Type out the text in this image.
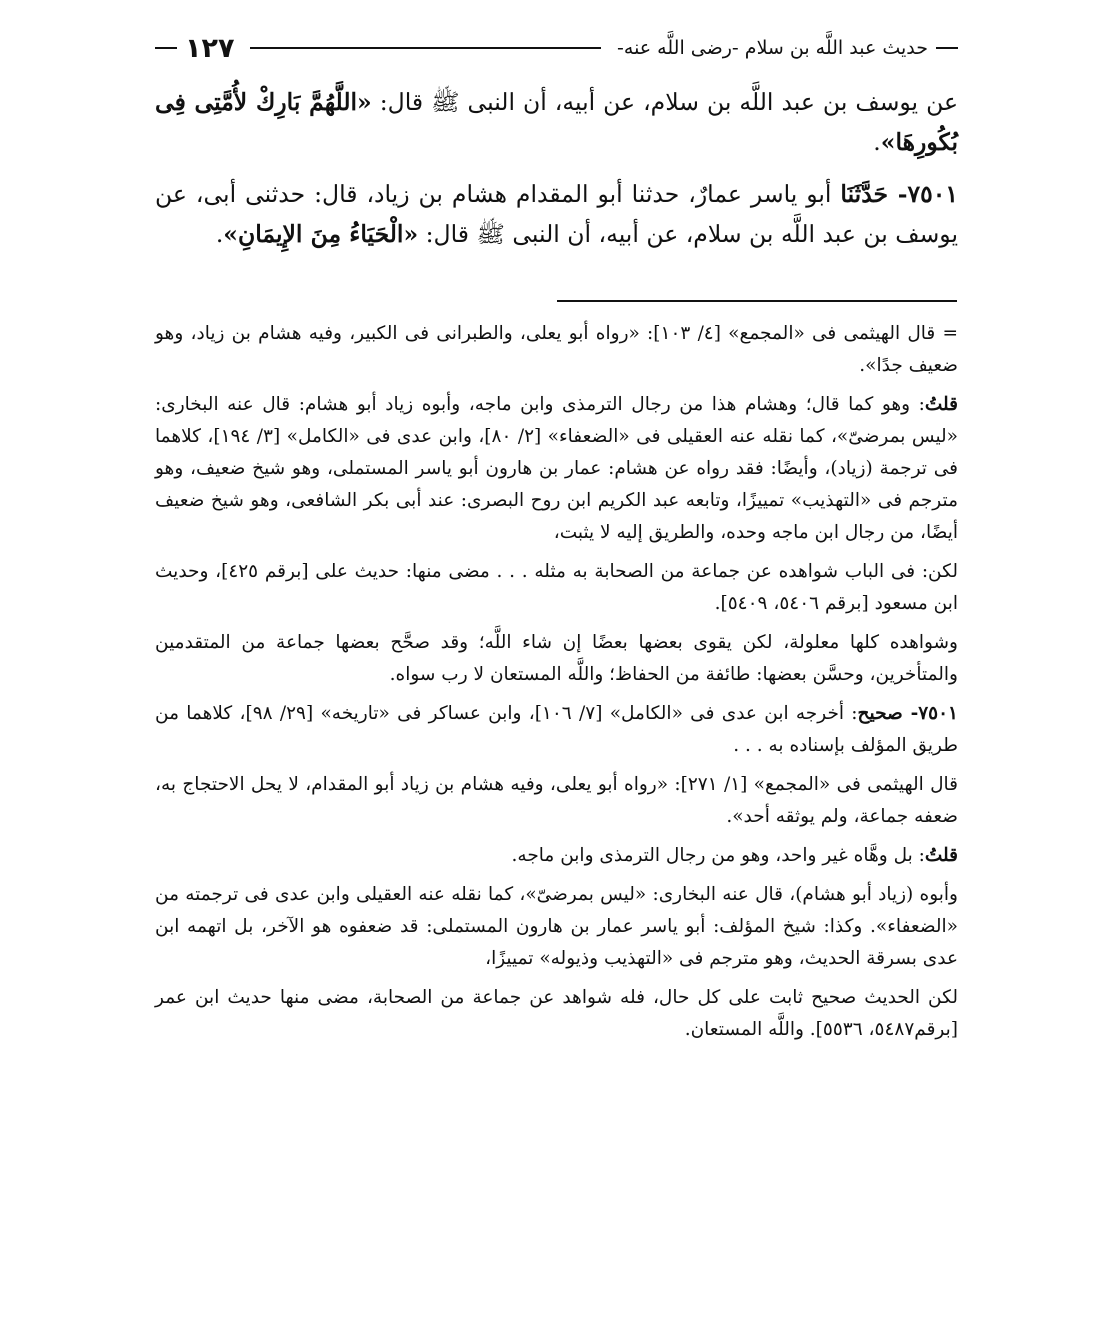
حديث عبد اللَّه بن سلام -رضى اللَّه عنه-
١٢٧

عن يوسف بن عبد اللَّه بن سلام، عن أبيه، أن النبى ﷺ قال: «اللَّهُمَّ بَارِكْ لأُمَّتِى فِى بُكُورِهَا».

٧٥٠١- حَدَّثَنَا أبو ياسر عمارٌ، حدثنا أبو المقدام هشام بن زياد، قال: حدثنى أبى، عن يوسف بن عبد اللَّه بن سلام، عن أبيه، أن النبى ﷺ قال: «الْحَيَاءُ مِنَ الإِيمَانِ».

= قال الهيثمى فى «المجمع» [٤/ ١٠٣]: «رواه أبو يعلى، والطبرانى فى الكبير، وفيه هشام بن زياد، وهو ضعيف جدًا».

قلتُ: وهو كما قال؛ وهشام هذا من رجال الترمذى وابن ماجه، وأبوه زياد أبو هشام: قال عنه البخارى: «ليس بمرضىّ»، كما نقله عنه العقيلى فى «الضعفاء» [٢/ ٨٠]، وابن عدى فى «الكامل» [٣/ ١٩٤]، كلاهما فى ترجمة (زياد)، وأيضًا: فقد رواه عن هشام: عمار بن هارون أبو ياسر المستملى، وهو شيخ ضعيف، وهو مترجم فى «التهذيب» تمييزًا، وتابعه عبد الكريم ابن روح البصرى: عند أبى بكر الشافعى، وهو شيخ ضعيف أيضًا، من رجال ابن ماجه وحده، والطريق إليه لا يثبت،

لكن: فى الباب شواهده عن جماعة من الصحابة به مثله . . . مضى منها: حديث على [برقم ٤٢٥]، وحديث ابن مسعود [برقم ٥٤٠٦، ٥٤٠٩].

وشواهده كلها معلولة، لكن يقوى بعضها بعضًا إن شاء اللَّه؛ وقد صحَّح بعضها جماعة من المتقدمين والمتأخرين، وحسَّن بعضها: طائفة من الحفاظ؛ واللَّه المستعان لا رب سواه.

٧٥٠١- صحيح: أخرجه ابن عدى فى «الكامل» [٧/ ١٠٦]، وابن عساكر فى «تاريخه» [٢٩/ ٩٨]، كلاهما من طريق المؤلف بإسناده به . . .

قال الهيثمى فى «المجمع» [١/ ٢٧١]: «رواه أبو يعلى، وفيه هشام بن زياد أبو المقدام، لا يحل الاحتجاج به، ضعفه جماعة، ولم يوثقه أحد».

قلتُ: بل وهَّاه غير واحد، وهو من رجال الترمذى وابن ماجه.

وأبوه (زياد أبو هشام)، قال عنه البخارى: «ليس بمرضىّ»، كما نقله عنه العقيلى وابن عدى فى ترجمته من «الضعفاء». وكذا: شيخ المؤلف: أبو ياسر عمار بن هارون المستملى: قد ضعفوه هو الآخر، بل اتهمه ابن عدى بسرقة الحديث، وهو مترجم فى «التهذيب وذيوله» تمييزًا،

لكن الحديث صحيح ثابت على كل حال، فله شواهد عن جماعة من الصحابة، مضى منها حديث ابن عمر [برقم٥٤٨٧، ٥٥٣٦]. واللَّه المستعان.
